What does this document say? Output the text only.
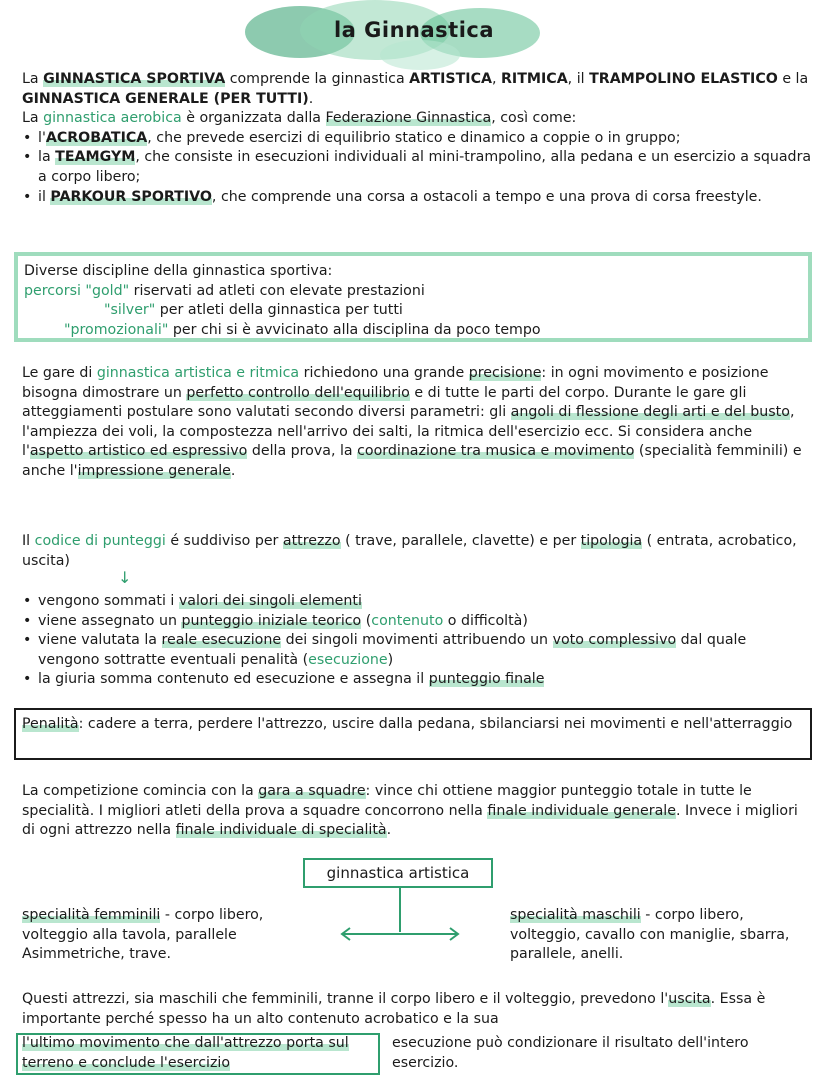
la Ginnastica
La GINNASTICA SPORTIVA comprende la ginnastica ARTISTICA, RITMICA, il TRAMPOLINO ELASTICO e la GINNASTICA GENERALE (PER TUTTI).
La ginnastica aerobica è organizzata dalla Federazione Ginnastica, così come:
• l'ACROBATICA, che prevede esercizi di equilibrio statico e dinamico a coppie o in gruppo;
• la TEAMGYM, che consiste in esecuzioni individuali al mini-trampolino, alla pedana e un esercizio a squadra a corpo libero;
• il PARKOUR SPORTIVO, che comprende una corsa a ostacoli a tempo e una prova di corsa freestyle.
Diverse discipline della ginnastica sportiva:
percorsi "gold" riservati ad atleti con elevate prestazioni
"silver" per atleti della ginnastica per tutti
"promozionali" per chi si è avvicinato alla disciplina da poco tempo
Le gare di ginnastica artistica e ritmica richiedono una grande precisione: in ogni movimento e posizione bisogna dimostrare un perfetto controllo dell'equilibrio e di tutte le parti del corpo. Durante le gare gli atteggiamenti postulare sono valutati secondo diversi parametri: gli angoli di flessione degli arti e del busto, l'ampiezza dei voli, la compostezza nell'arrivo dei salti, la ritmica dell'esercizio ecc. Si considera anche l'aspetto artistico ed espressivo della prova, la coordinazione tra musica e movimento (specialità femminili) e anche l'impressione generale.
Il codice di punteggi é suddiviso per attrezzo ( trave, parallele, clavette) e per tipologia ( entrata, acrobatico, uscita)
↓
• vengono sommati i valori dei singoli elementi
• viene assegnato un punteggio iniziale teorico (contenuto o difficoltà)
• viene valutata la reale esecuzione dei singoli movimenti attribuendo un voto complessivo dal quale vengono sottratte eventuali penalità (esecuzione)
• la giuria somma contenuto ed esecuzione e assegna il punteggio finale
Penalità: cadere a terra, perdere l'attrezzo, uscire dalla pedana, sbilanciarsi nei movimenti e nell'atterraggio
La competizione comincia con la gara a squadre: vince chi ottiene maggior punteggio totale in tutte le specialità. I migliori atleti della prova a squadre concorrono nella finale individuale generale. Invece i migliori di ogni attrezzo nella finale individuale di specialità.
ginnastica artistica
specialità femminili - corpo libero, volteggio alla tavola, parallele Asimmetriche, trave.
specialità maschili - corpo libero, volteggio, cavallo con maniglie, sbarra, parallele, anelli.
Questi attrezzi, sia maschili che femminili, tranne il corpo libero e il volteggio, prevedono l'uscita. Essa è importante perché spesso ha un alto contenuto acrobatico e la sua
l'ultimo movimento che dall'attrezzo porta sul terreno e conclude l'esercizio
esecuzione può condizionare il risultato dell'intero esercizio.
